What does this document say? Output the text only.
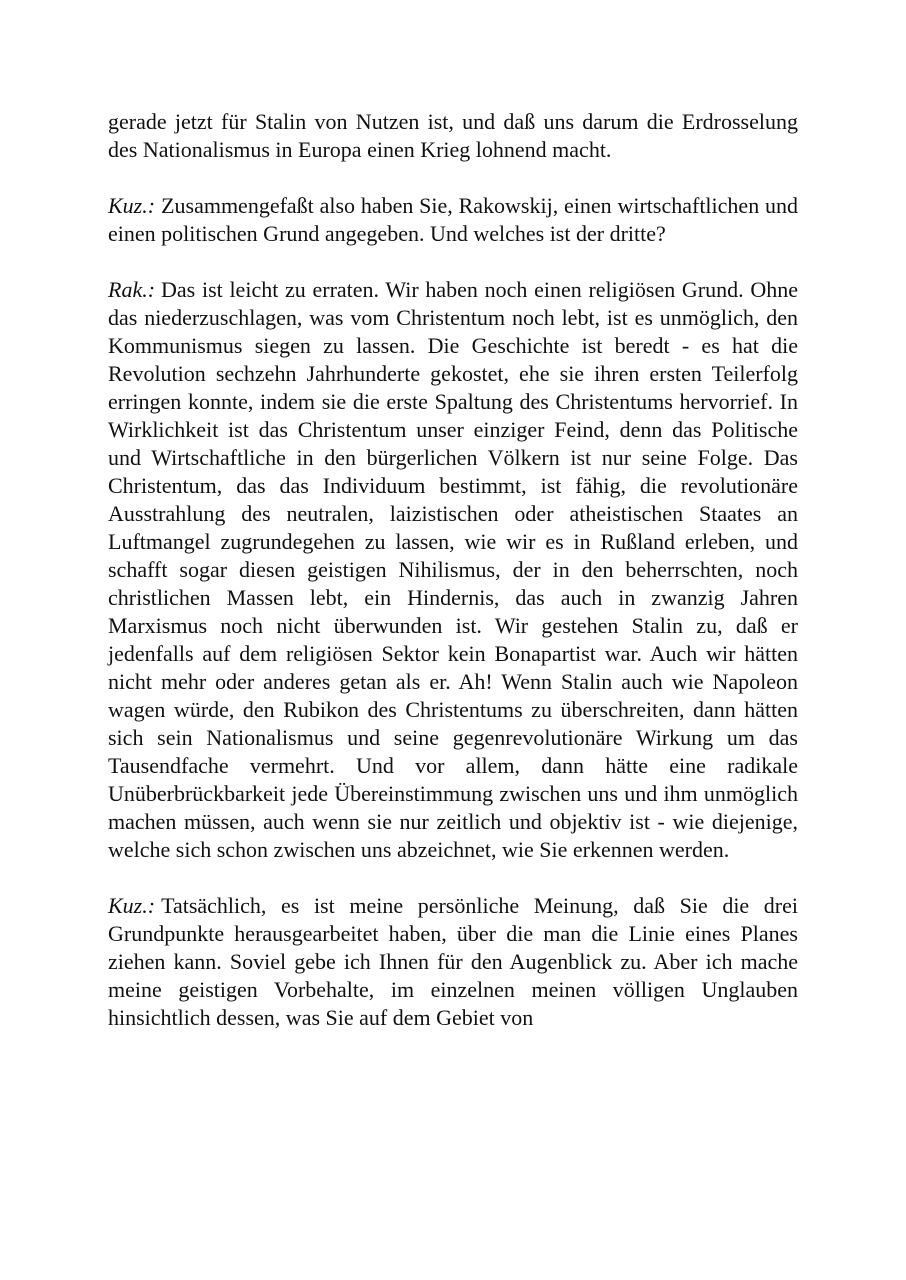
gerade jetzt für Stalin von Nutzen ist, und daß uns darum die Erdrosselung des Nationalismus in Europa einen Krieg lohnend macht.

Kuz.: Zusammengefaßt also haben Sie, Rakowskij, einen wirtschaftlichen und einen politischen Grund angegeben. Und welches ist der dritte?

Rak.: Das ist leicht zu erraten. Wir haben noch einen religiösen Grund. Ohne das niederzuschlagen, was vom Christentum noch lebt, ist es unmöglich, den Kommunismus siegen zu lassen. Die Geschichte ist beredt - es hat die Revolution sechzehn Jahrhunderte gekostet, ehe sie ihren ersten Teilerfolg erringen konnte, indem sie die erste Spaltung des Christentums hervorrief. In Wirklichkeit ist das Christentum unser einziger Feind, denn das Politische und Wirtschaftliche in den bürgerlichen Völkern ist nur seine Folge. Das Christentum, das das Individuum bestimmt, ist fähig, die revolutionäre Ausstrahlung des neutralen, laizistischen oder atheistischen Staates an Luftmangel zugrundegehen zu lassen, wie wir es in Rußland erleben, und schafft sogar diesen geistigen Nihilismus, der in den beherrschten, noch christlichen Massen lebt, ein Hindernis, das auch in zwanzig Jahren Marxismus noch nicht überwunden ist. Wir gestehen Stalin zu, daß er jedenfalls auf dem religiösen Sektor kein Bonapartist war. Auch wir hätten nicht mehr oder anderes getan als er. Ah! Wenn Stalin auch wie Napoleon wagen würde, den Rubikon des Christentums zu überschreiten, dann hätten sich sein Nationalismus und seine gegenrevolutionäre Wirkung um das Tausendfache vermehrt. Und vor allem, dann hätte eine radikale Unüberbrückbarkeit jede Übereinstimmung zwischen uns und ihm unmöglich machen müssen, auch wenn sie nur zeitlich und objektiv ist - wie diejenige, welche sich schon zwischen uns abzeichnet, wie Sie erkennen werden.

Kuz.: Tatsächlich, es ist meine persönliche Meinung, daß Sie die drei Grundpunkte herausgearbeitet haben, über die man die Linie eines Planes ziehen kann. Soviel gebe ich Ihnen für den Augenblick zu. Aber ich mache meine geistigen Vorbehalte, im einzelnen meinen völligen Unglauben hinsichtlich dessen, was Sie auf dem Gebiet von
